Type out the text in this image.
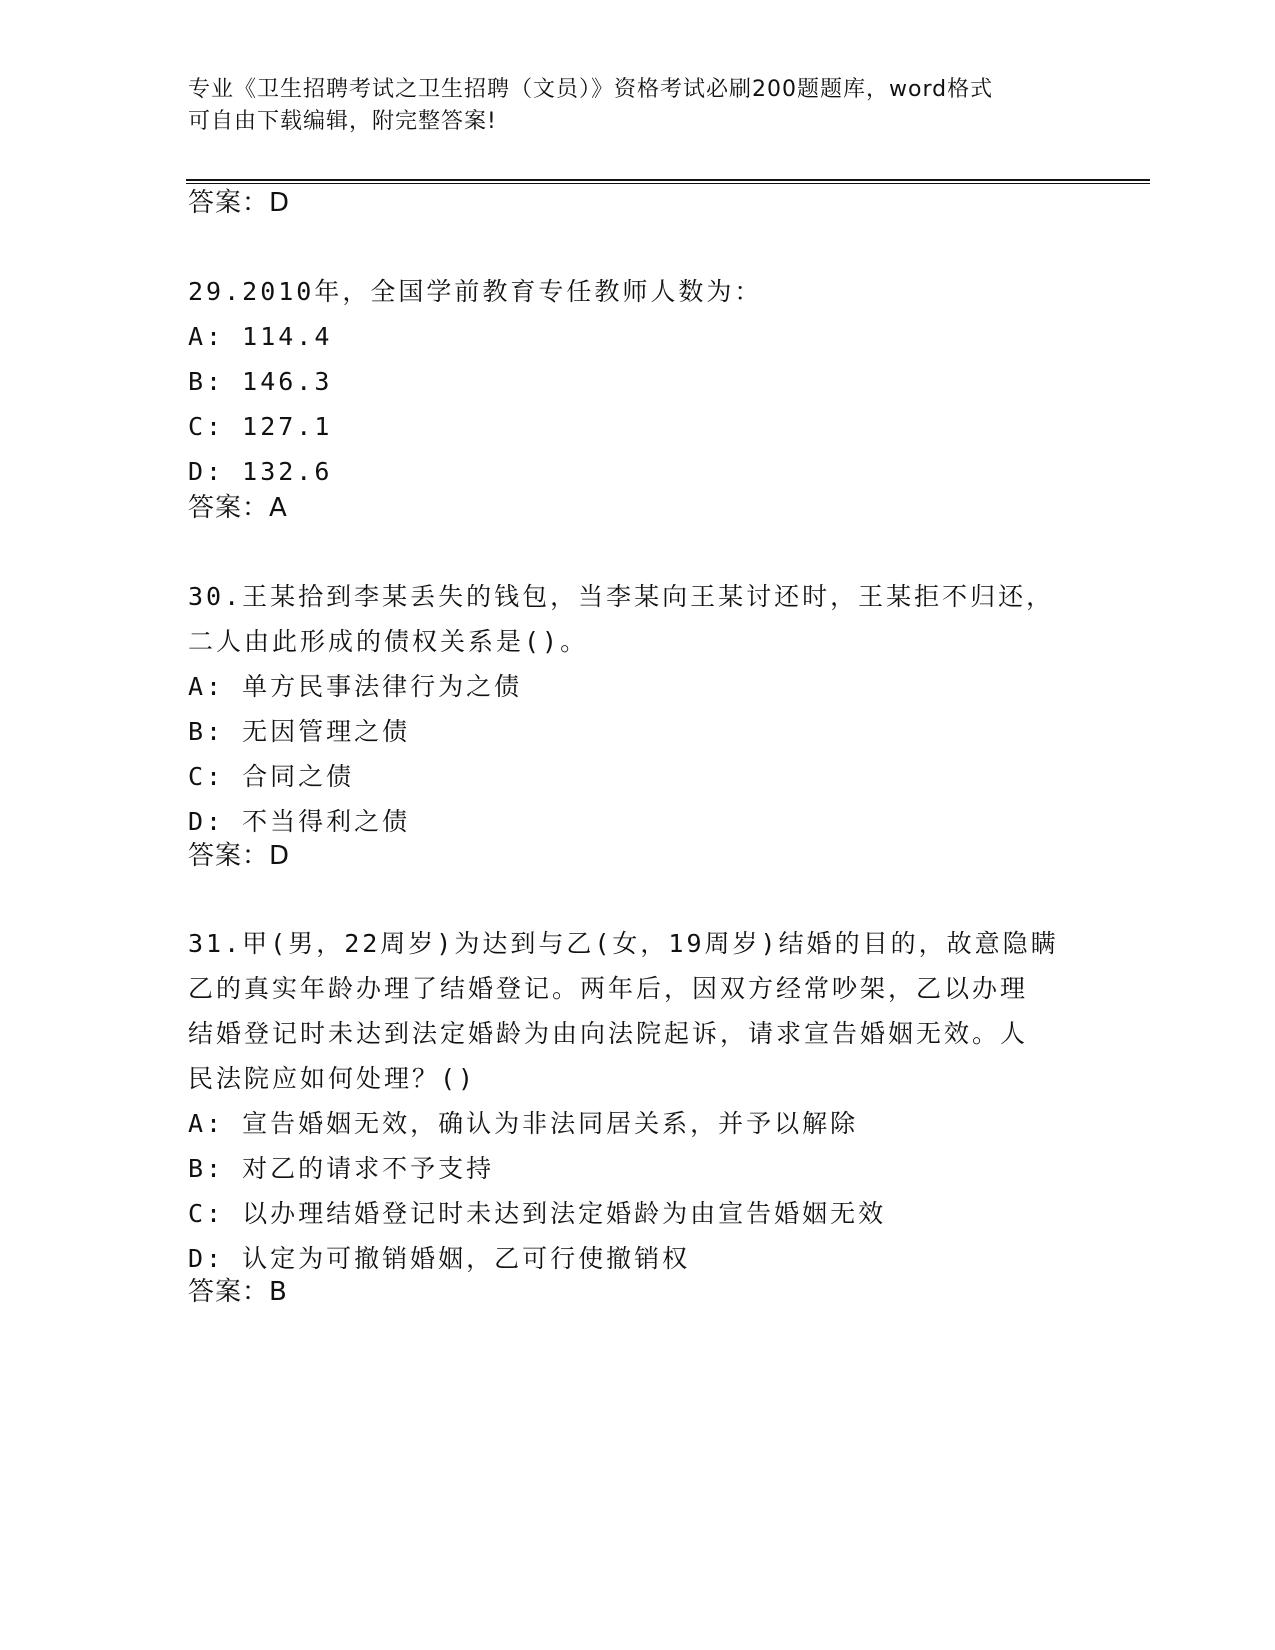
专业《卫生招聘考试之卫生招聘（文员）》资格考试必刷200题题库，word格式
可自由下载编辑，附完整答案!
答案：D

29.2010年，全国学前教育专任教师人数为：

A: 114.4

B: 146.3

C: 127.1

D: 132.6

答案：A

30.王某拾到李某丢失的钱包，当李某向王某讨还时，王某拒不归还，

二人由此形成的债权关系是()。

A: 单方民事法律行为之债

B: 无因管理之债

C: 合同之债

D: 不当得利之债

答案：D

31.甲(男，22周岁)为达到与乙(女，19周岁)结婚的目的，故意隐瞒

乙的真实年龄办理了结婚登记。两年后，因双方经常吵架，乙以办理

结婚登记时未达到法定婚龄为由向法院起诉，请求宣告婚姻无效。人

民法院应如何处理？()

A: 宣告婚姻无效，确认为非法同居关系，并予以解除

B: 对乙的请求不予支持

C: 以办理结婚登记时未达到法定婚龄为由宣告婚姻无效

D: 认定为可撤销婚姻，乙可行使撤销权

答案：B
